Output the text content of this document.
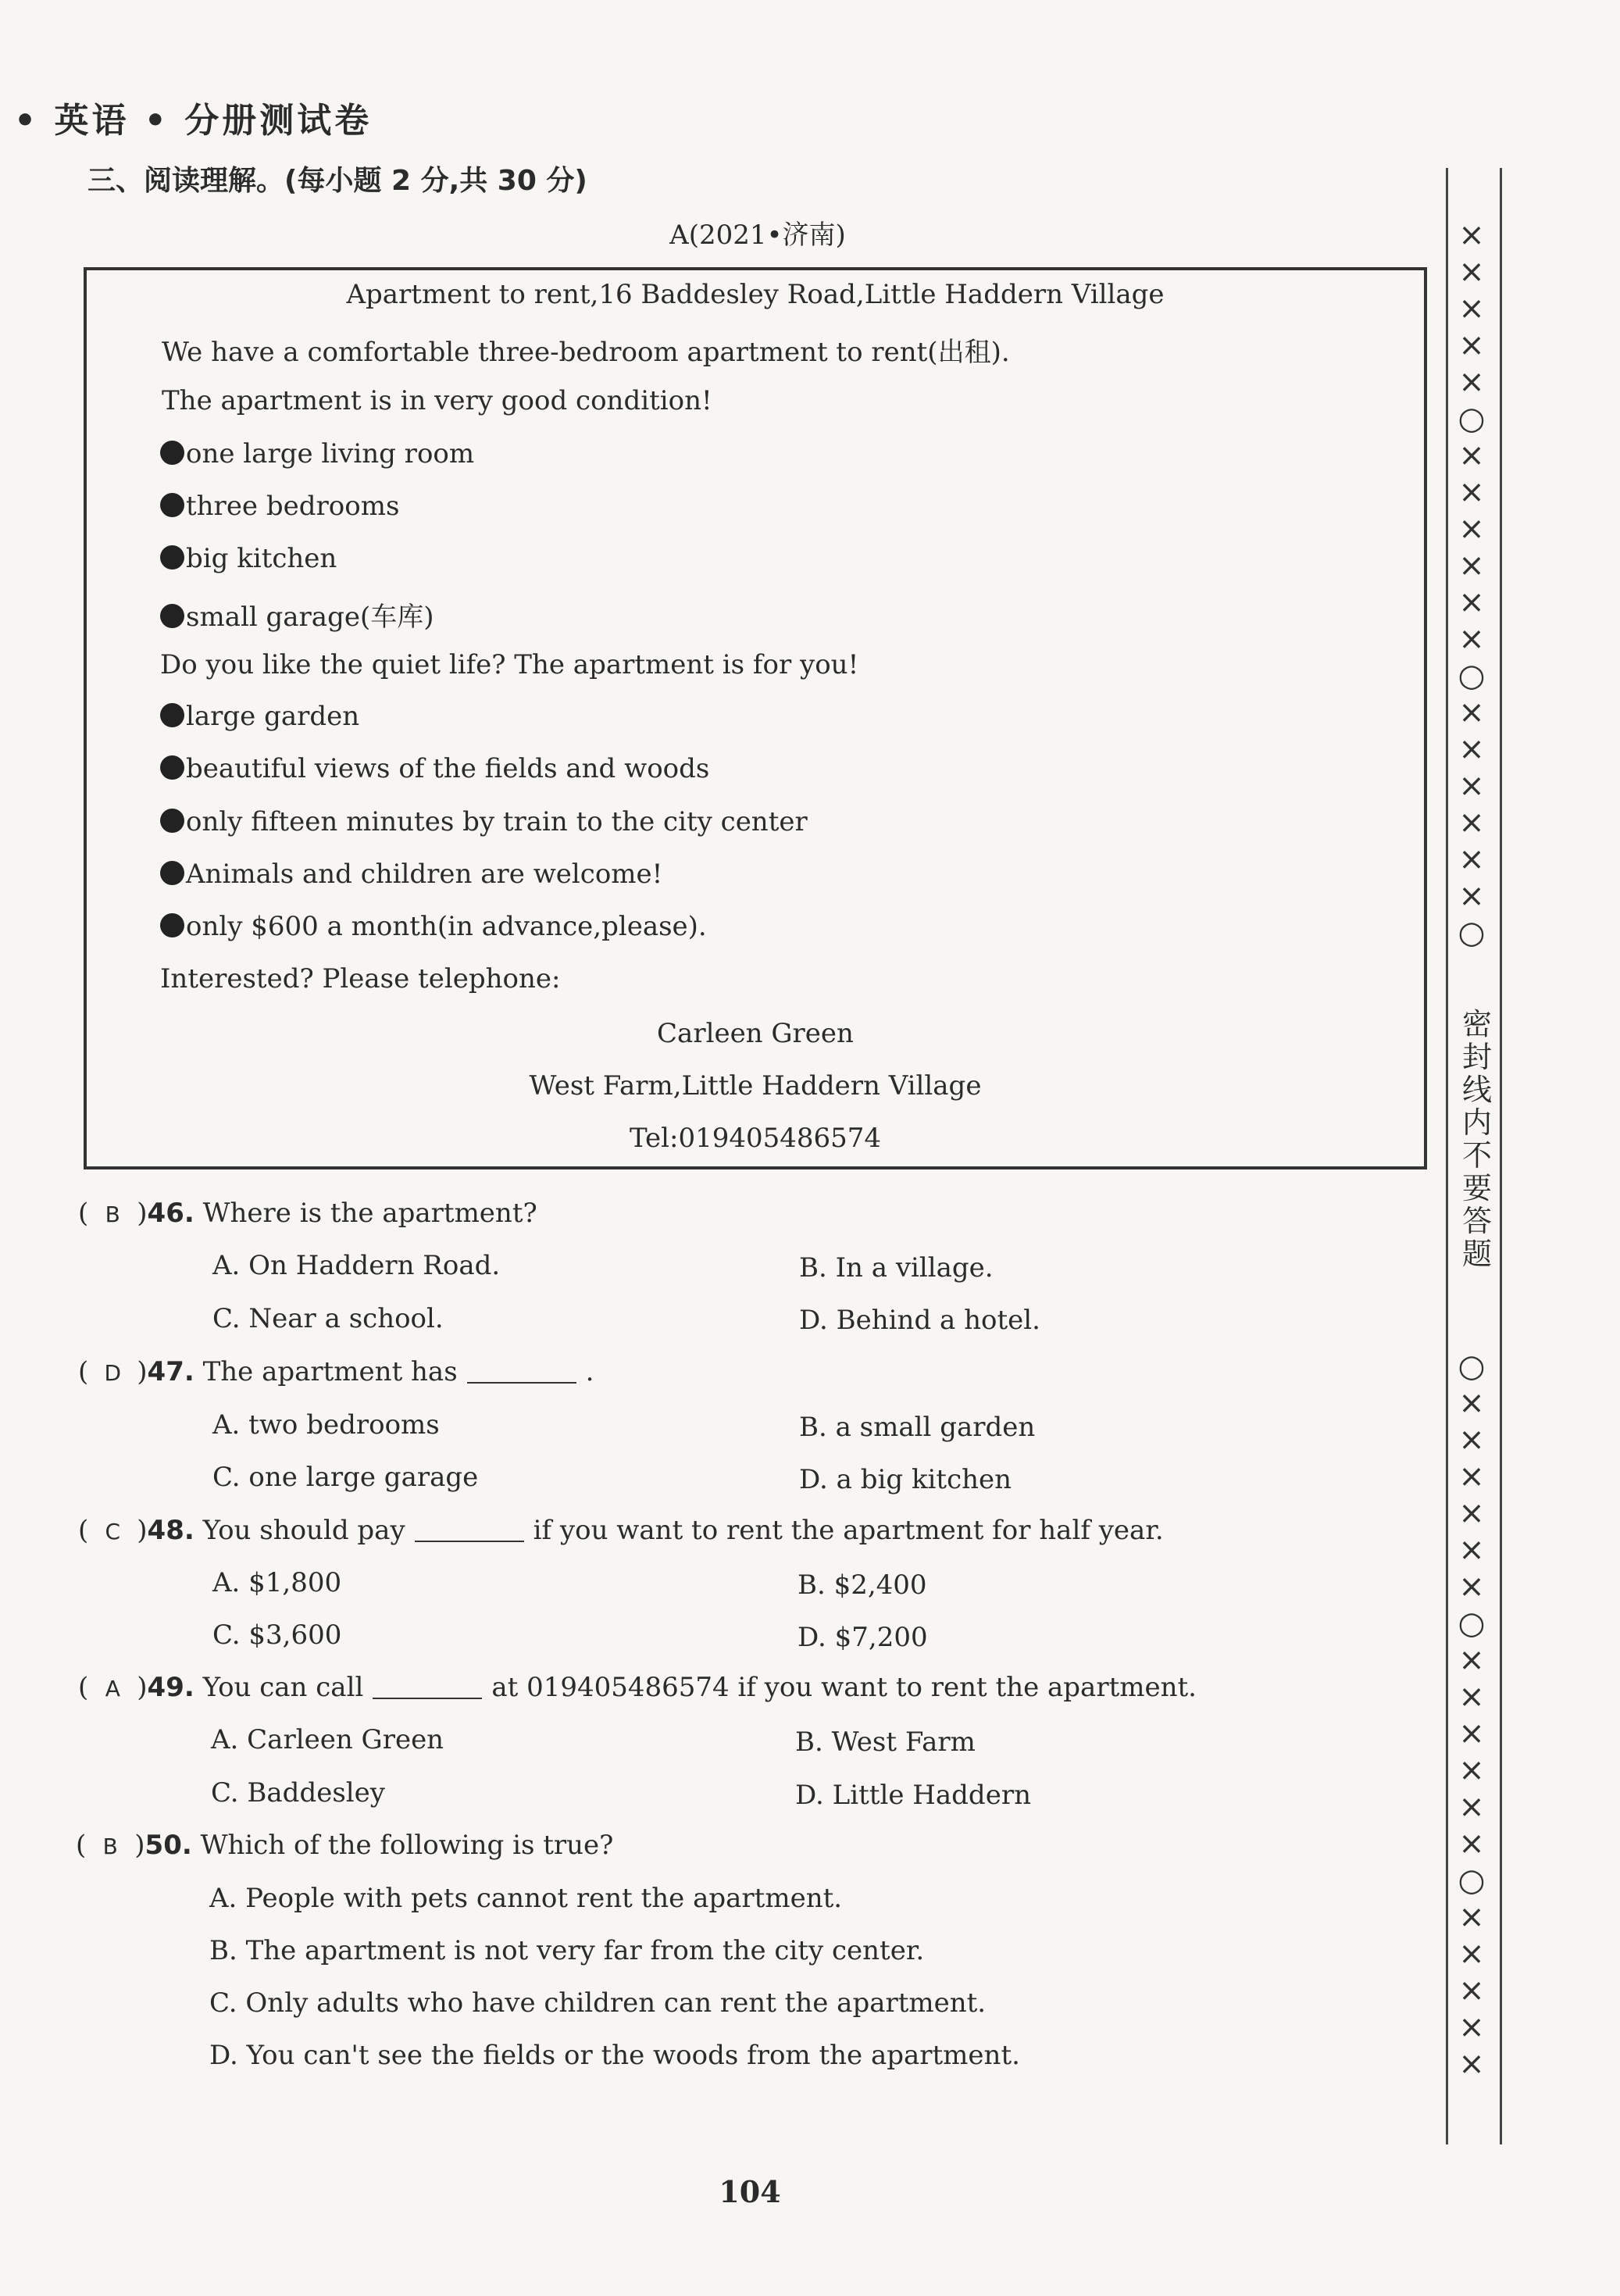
• 英语 • 分册测试卷
三、阅读理解。(每小题 2 分,共 30 分)
A(2021•济南)
Apartment to rent,16 Baddesley Road,Little Haddern Village
We have a comfortable three-bedroom apartment to rent(出租).
The apartment is in very good condition!
one large living room
three bedrooms
big kitchen
small garage(车库)
Do you like the quiet life? The apartment is for you!
large garden
beautiful views of the fields and woods
only fifteen minutes by train to the city center
Animals and children are welcome!
only $600 a month(in advance,please).
Interested? Please telephone:
Carleen Green
West Farm,Little Haddern Village
Tel:019405486574
( B )46. Where is the apartment?
A. On Haddern Road.	B. In a village.
C. Near a school.	D. Behind a hotel.
( D )47. The apartment has	.
A. two bedrooms	B. a small garden
C. one large garage	D. a big kitchen
( C )48. You should pay	if you want to rent the apartment for half year.
A. $1,800	B. $2,400
C. $3,600	D. $7,200
( A )49. You can call	at 019405486574 if you want to rent the apartment.
A. Carleen Green	B. West Farm
C. Baddesley	D. Little Haddern
( B )50. Which of the following is true?
A. People with pets cannot rent the apartment.
B. The apartment is not very far from the city center.
C. Only adults who have children can rent the apartment.
D. You can't see the fields or the woods from the apartment.
104
×
×
×
×
×
○
×
×
×
×
×
×
○
×
×
×
×
×
×
○
密封线内不要答题
○
×
×
×
×
×
×
○
×
×
×
×
×
×
○
×
×
×
×
×
